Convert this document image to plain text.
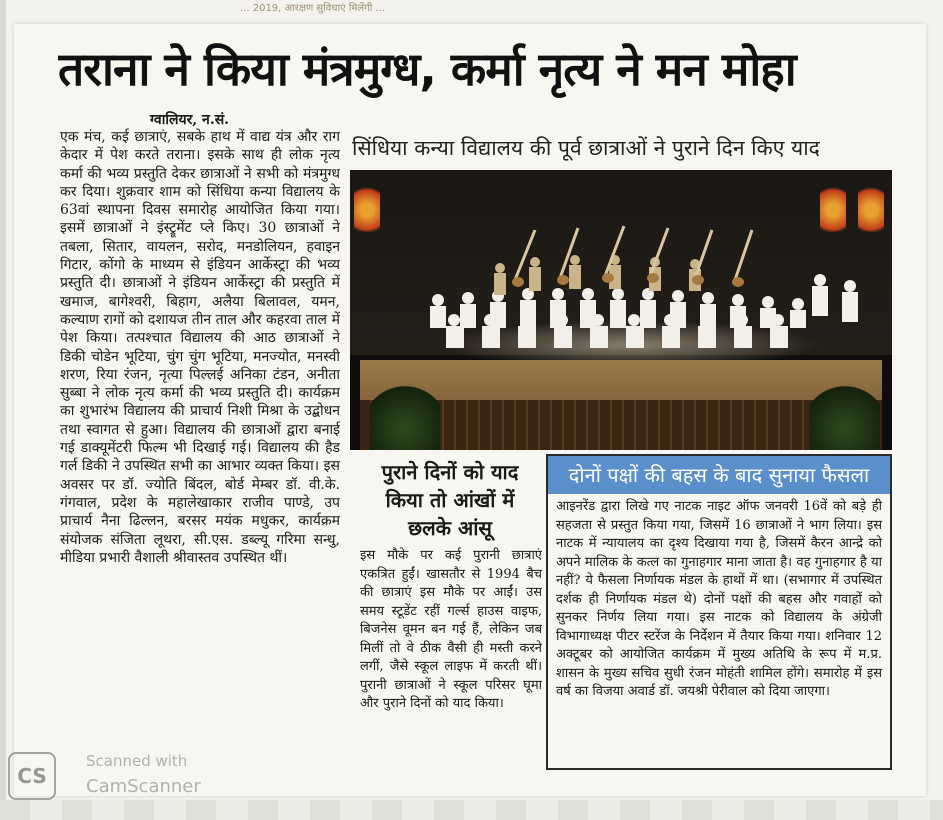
... 2019, आरक्षण सुविधाएं मिलेंगी ...
तराना ने किया मंत्रमुग्ध, कर्मा नृत्य ने मन मोहा
ग्वालियर, न.सं.
एक मंच, कई छात्राएं, सबके हाथ में वाद्य यंत्र और राग केदार में पेश करते तराना। इसके साथ ही लोक नृत्य कर्मा की भव्य प्रस्तुति देकर छात्राओं ने सभी को मंत्रमुग्ध कर दिया। शुक्रवार शाम को सिंधिया कन्या विद्यालय के 63वां स्थापना दिवस समारोह आयोजित किया गया। इसमें छात्राओं ने इंस्ट्रूमेंट प्ले किए। 30 छात्राओं ने तबला, सितार, वायलन, सरोद, मनडोलियन, हवाइन गिटार, कोंगो के माध्यम से इंडियन आर्केस्ट्रा की भव्य प्रस्तुति दी। छात्राओं ने इंडियन आर्केस्ट्रा की प्रस्तुति में खमाज, बागेश्वरी, बिहाग, अलैया बिलावल, यमन, कल्याण रागों को दशायज तीन ताल और कहरवा ताल में पेश किया। तत्पश्चात विद्यालय की आठ छात्राओं ने डिकी चोडेन भूटिया, चुंग चुंग भूटिया, मनज्योत, मनस्वी शरण, रिया रंजन, नृत्या पिल्लई अनिका टंडन, अनीता सुब्बा ने लोक नृत्य कर्मा की भव्य प्रस्तुति दी। कार्यक्रम का शुभारंभ विद्यालय की प्राचार्य निशी मिश्रा के उद्बोधन तथा स्वागत से हुआ। विद्यालय की छात्राओं द्वारा बनाई गई डाक्यूमेंटरी फिल्म भी दिखाई गई। विद्यालय की हैड गर्ल डिकी ने उपस्थित सभी का आभार व्यक्त किया। इस अवसर पर डॉ. ज्योति बिंदल, बोर्ड मेम्बर डॉ. वी.के. गंगवाल, प्रदेश के महालेखाकार राजीव पाण्डे, उप प्राचार्य नैना ढिल्लन, बरसर मयंक मधुकर, कार्यक्रम संयोजक संजिता लूथरा, सी.एस. डब्ल्यू गरिमा सन्धु, मीडिया प्रभारी वैशाली श्रीवास्तव उपस्थित थीं।
सिंधिया कन्या विद्यालय की पूर्व छात्राओं ने पुराने दिन किए याद
पुराने दिनों को याद
किया तो आंखों में
छलके आंसू
इस मौके पर कई पुरानी छात्राएं एकत्रित हुईं। खासतौर से 1994 बैच की छात्राएं इस मौके पर आईं। उस समय स्टूडेंट रहीं गर्ल्स हाउस वाइफ, बिजनेस वूमन बन गई हैं, लेकिन जब मिलीं तो वे ठीक वैसी ही मस्ती करने लगीं, जैसे स्कूल लाइफ में करती थीं। पुरानी छात्राओं ने स्कूल परिसर घूमा और पुराने दिनों को याद किया।
दोनों पक्षों की बहस के बाद सुनाया फैसला
आइनरेंड द्वारा लिखे गए नाटक नाइट ऑफ जनवरी 16वें को बड़े ही सहजता से प्रस्तुत किया गया, जिसमें 16 छात्राओं ने भाग लिया। इस नाटक में न्यायालय का दृश्य दिखाया गया है, जिसमें कैरन आन्द्रे को अपने मालिक के कत्ल का गुनाहगार माना जाता है। वह गुनाहगार है या नहीं? ये फैसला निर्णायक मंडल के हाथों में था। (सभागार में उपस्थित दर्शक ही निर्णायक मंडल थे) दोनों पक्षों की बहस और गवाहों को सुनकर निर्णय लिया गया। इस नाटक को विद्यालय के अंग्रेजी विभागाध्यक्ष पीटर स्टरेंज के निर्देशन में तैयार किया गया। शनिवार 12 अक्टूबर को आयोजित कार्यक्रम में मुख्य अतिथि के रूप में म.प्र. शासन के मुख्य सचिव सुधी रंजन मोहंती शामिल होंगे। समारोह में इस वर्ष का विजया अवार्ड डॉ. जयश्री पेरीवाल को दिया जाएगा।
CS
Scanned with
CamScanner
